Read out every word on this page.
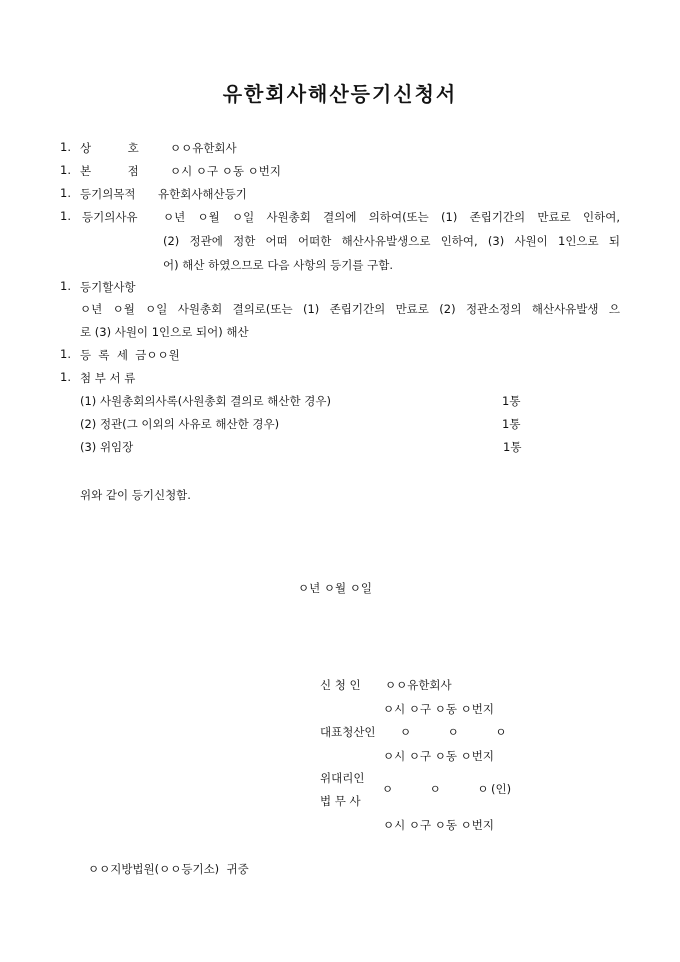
유한회사해산등기신청서
1. 상          호	ㅇㅇ유한회사
1. 본          점	ㅇ시 ㅇ구 ㅇ동 ㅇ번지
1. 등기의목적 유한회사해산등기
1. 등기의사유 ㅇ년 ㅇ월 ㅇ일 사원총회 결의에 의하여(또는 (1) 존립기간의 만료로 인하여,
(2) 정관에 정한 어떠 어떠한 해산사유발생으로 인하여, (3) 사원이 1인으로 되
어) 해산 하였으므로 다음 사항의 등기를 구함.
1. 등기할사항
ㅇ년 ㅇ월 ㅇ일 사원총회 결의로(또는 (1) 존립기간의 만료로 (2) 정관소정의 해산사유발생 으
로 (3) 사원이 1인으로 되어) 해산
1. 등  록  세  금ㅇㅇ원
1. 첨 부 서 류
(1) 사원총회의사록(사원총회 결의로 해산한 경우)	1통
(2) 정관(그 이외의 사유로 해산한 경우)	1통
(3) 위임장	1통
위와 같이 등기신청함.
ㅇ년 ㅇ월 ㅇ일
신 청 인 ㅇㅇ유한회사
ㅇ시 ㅇ구 ㅇ동 ㅇ번지
대표청산인 ㅇ          ㅇ          ㅇ
ㅇ시 ㅇ구 ㅇ동 ㅇ번지
위대리인
법 무 사
ㅇ          ㅇ          ㅇ (인)
ㅇ시 ㅇ구 ㅇ동 ㅇ번지
ㅇㅇ지방법원(ㅇㅇ등기소)  귀중
